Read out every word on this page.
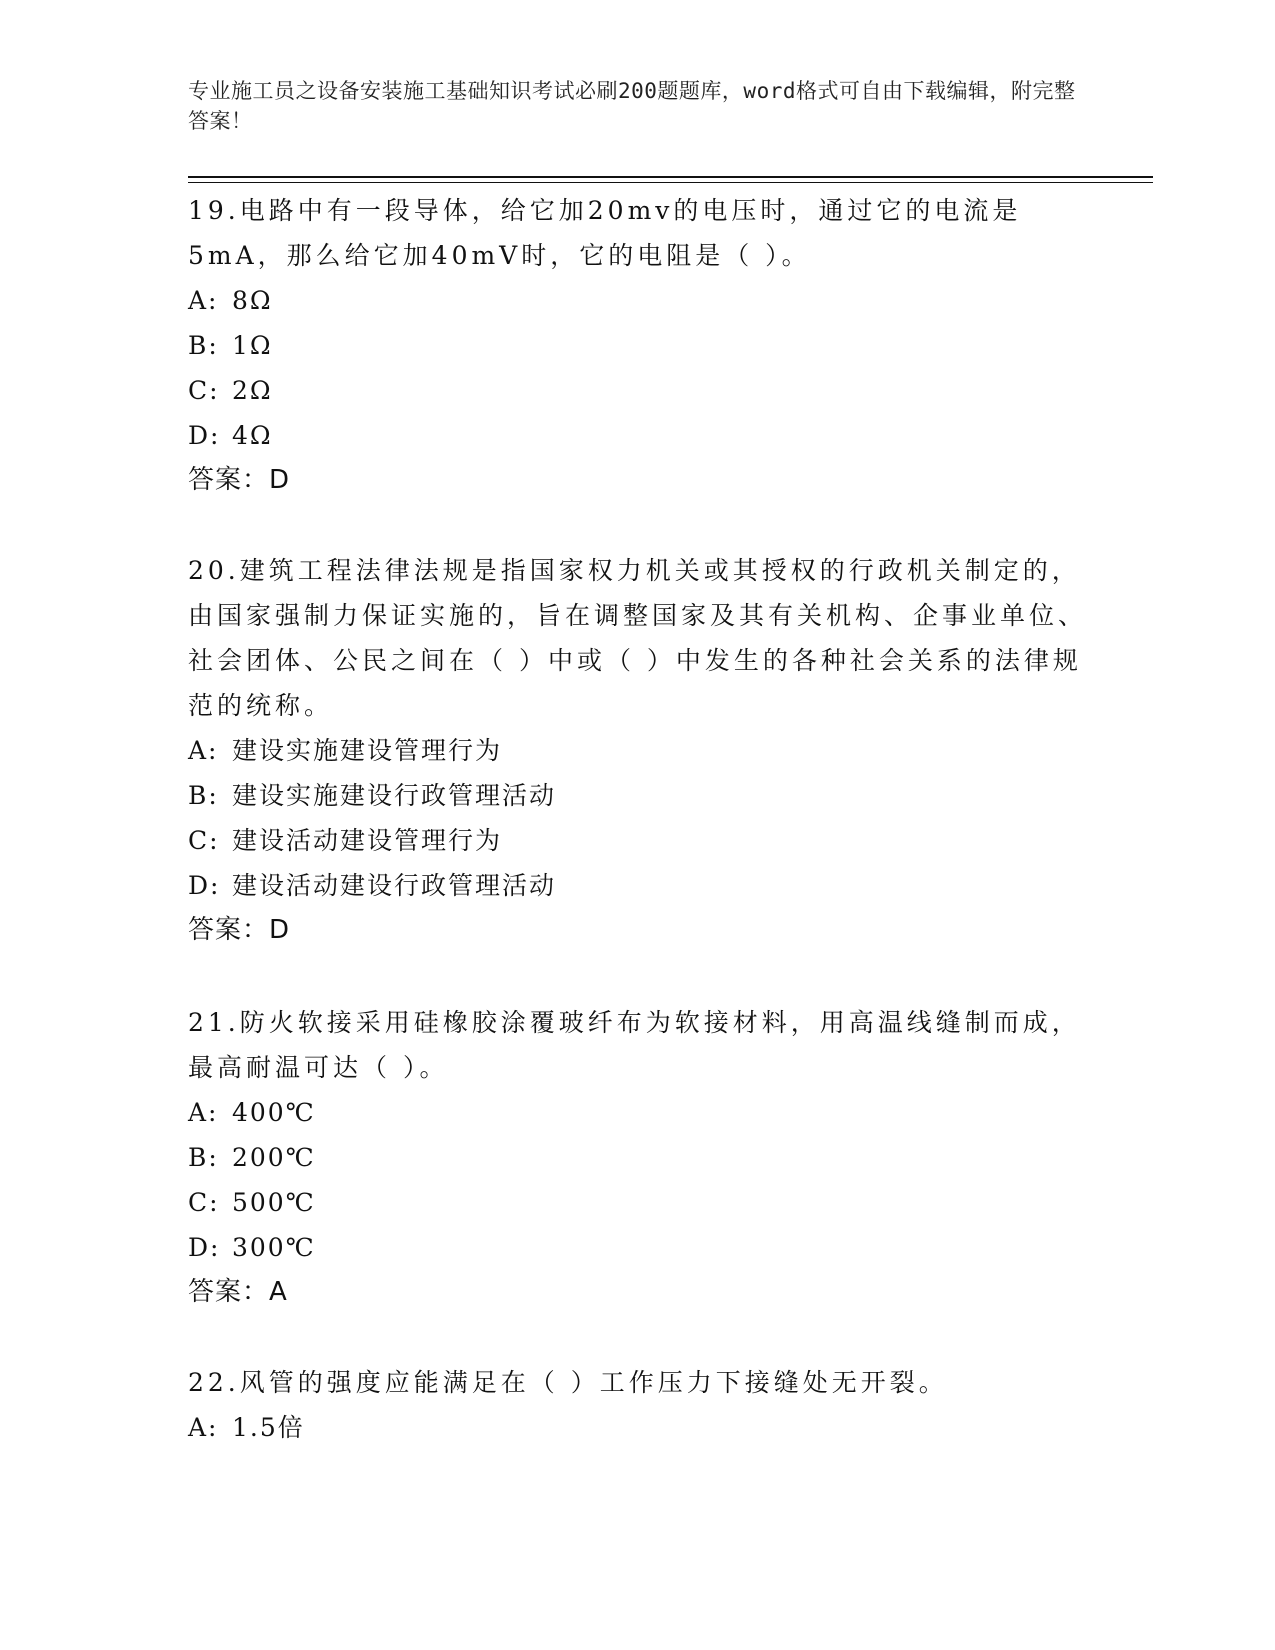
专业施工员之设备安装施工基础知识考试必刷200题题库，word格式可自由下载编辑，附完整答案！

19.电路中有一段导体，给它加20mv的电压时，通过它的电流是5mA，那么给它加40mV时，它的电阻是（ ）。

A: 8Ω

B: 1Ω

C: 2Ω

D: 4Ω

答案：D

20.建筑工程法律法规是指国家权力机关或其授权的行政机关制定的，由国家强制力保证实施的，旨在调整国家及其有关机构、企事业单位、社会团体、公民之间在（ ）中或（ ）中发生的各种社会关系的法律规范的统称。

A: 建设实施建设管理行为

B: 建设实施建设行政管理活动

C: 建设活动建设管理行为

D: 建设活动建设行政管理活动

答案：D

21.防火软接采用硅橡胶涂覆玻纤布为软接材料，用高温线缝制而成，最高耐温可达（ ）。

A: 400℃

B: 200℃

C: 500℃

D: 300℃

答案：A

22.风管的强度应能满足在（ ）工作压力下接缝处无开裂。

A: 1.5倍
